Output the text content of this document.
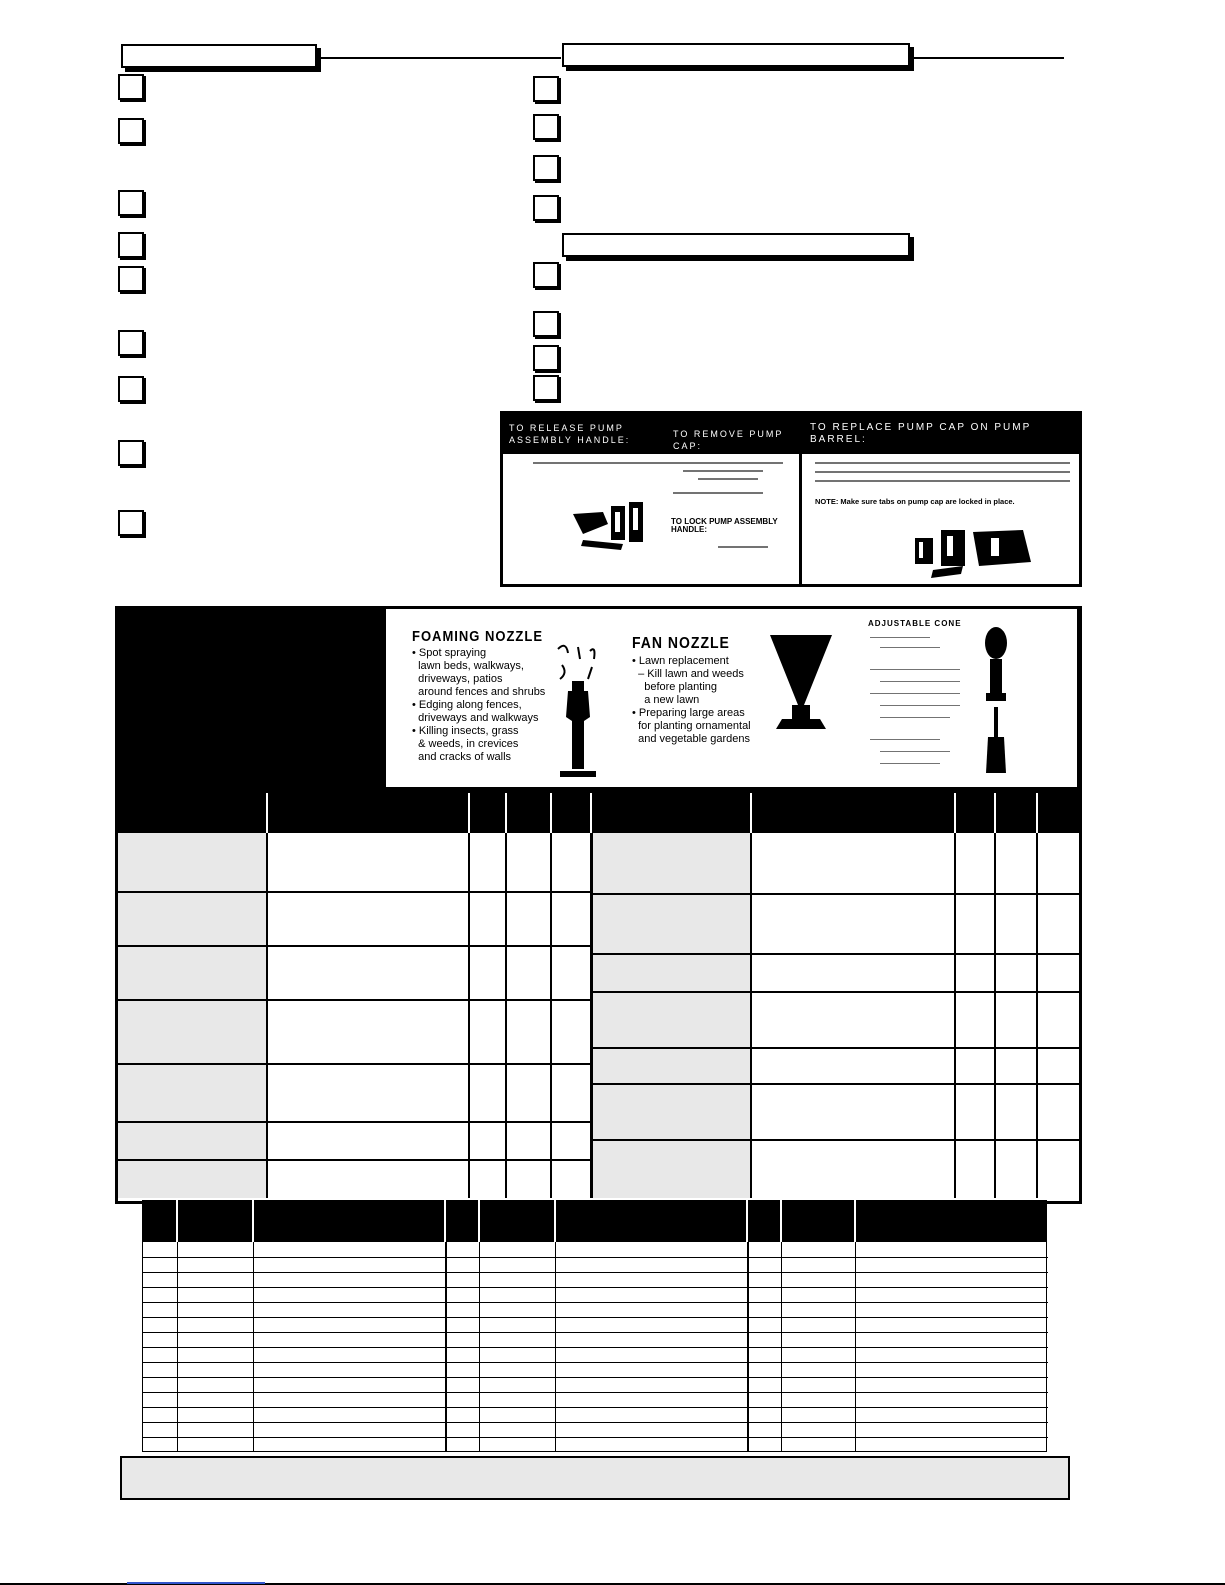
TO RELEASE PUMP ASSEMBLY HANDLE:
TO REMOVE PUMP CAP:
TO LOCK PUMP ASSEMBLY HANDLE:
TO REPLACE PUMP CAP ON PUMP BARREL:
NOTE: Make sure tabs on pump cap are locked in place.
FOAMING NOZZLE
• Spot spraying
lawn beds, walkways,
driveways, patios
around fences and shrubs
• Edging along fences,
driveways and walkways
• Killing insects, grass
& weeds, in crevices
and cracks of walls
FAN NOZZLE
• Lawn replacement
– Kill lawn and weeds
before planting
a new lawn
• Preparing large areas
for planting ornamental
and vegetable gardens
ADJUSTABLE CONE
